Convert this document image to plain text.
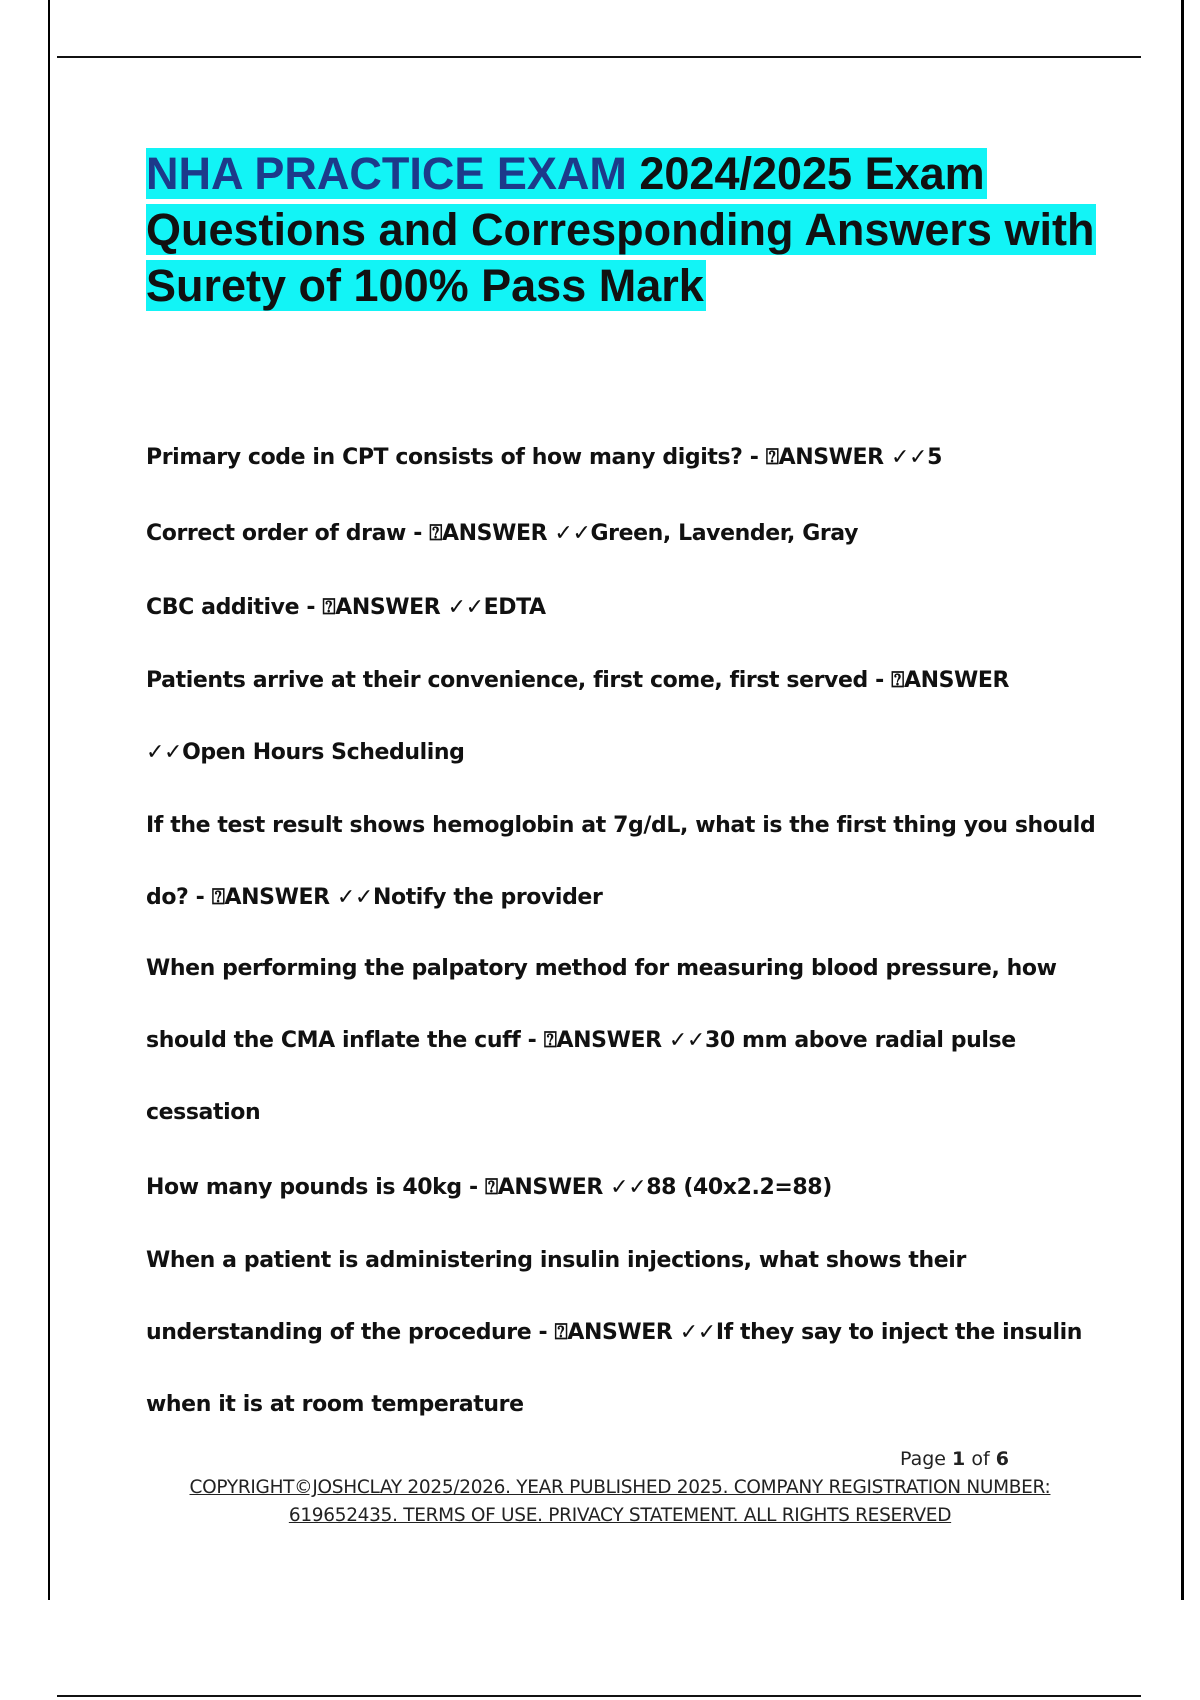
NHA PRACTICE EXAM 2024/2025 Exam Questions and Corresponding Answers with Surety of 100% Pass Mark

Primary code in CPT consists of how many digits? - ⍰ANSWER ✓✓5

Correct order of draw - ⍰ANSWER ✓✓Green, Lavender, Gray

CBC additive - ⍰ANSWER ✓✓EDTA

Patients arrive at their convenience, first come, first served - ⍰ANSWER ✓✓Open Hours Scheduling

If the test result shows hemoglobin at 7g/dL, what is the first thing you should do? - ⍰ANSWER ✓✓Notify the provider

When performing the palpatory method for measuring blood pressure, how should the CMA inflate the cuff - ⍰ANSWER ✓✓30 mm above radial pulse cessation

How many pounds is 40kg - ⍰ANSWER ✓✓88 (40x2.2=88)

When a patient is administering insulin injections, what shows their understanding of the procedure - ⍰ANSWER ✓✓If they say to inject the insulin when it is at room temperature

Page 1 of 6
COPYRIGHT©JOSHCLAY 2025/2026. YEAR PUBLISHED 2025. COMPANY REGISTRATION NUMBER: 619652435. TERMS OF USE. PRIVACY STATEMENT. ALL RIGHTS RESERVED
